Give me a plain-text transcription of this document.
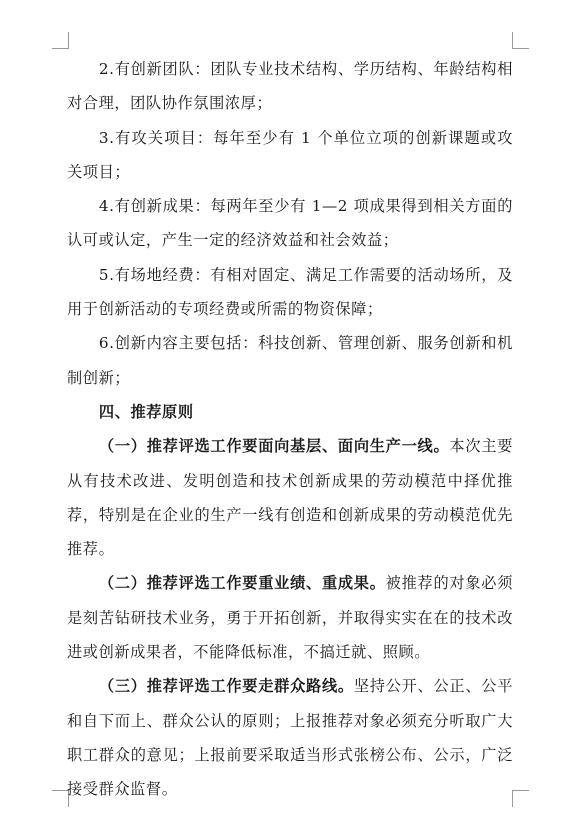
2.有创新团队：团队专业技术结构、学历结构、年龄结构相对合理，团队协作氛围浓厚；

3.有攻关项目：每年至少有 1 个单位立项的创新课题或攻关项目；

4.有创新成果：每两年至少有 1—2 项成果得到相关方面的认可或认定，产生一定的经济效益和社会效益；

5.有场地经费：有相对固定、满足工作需要的活动场所，及用于创新活动的专项经费或所需的物资保障；

6.创新内容主要包括：科技创新、管理创新、服务创新和机制创新；

四、推荐原则

（一）推荐评选工作要面向基层、面向生产一线。本次主要从有技术改进、发明创造和技术创新成果的劳动模范中择优推荐，特别是在企业的生产一线有创造和创新成果的劳动模范优先推荐。

（二）推荐评选工作要重业绩、重成果。被推荐的对象必须是刻苦钻研技术业务，勇于开拓创新，并取得实实在在的技术改进或创新成果者，不能降低标准，不搞迁就、照顾。

（三）推荐评选工作要走群众路线。坚持公开、公正、公平和自下而上、群众公认的原则；上报推荐对象必须充分听取广大职工群众的意见；上报前要采取适当形式张榜公布、公示，广泛接受群众监督。
